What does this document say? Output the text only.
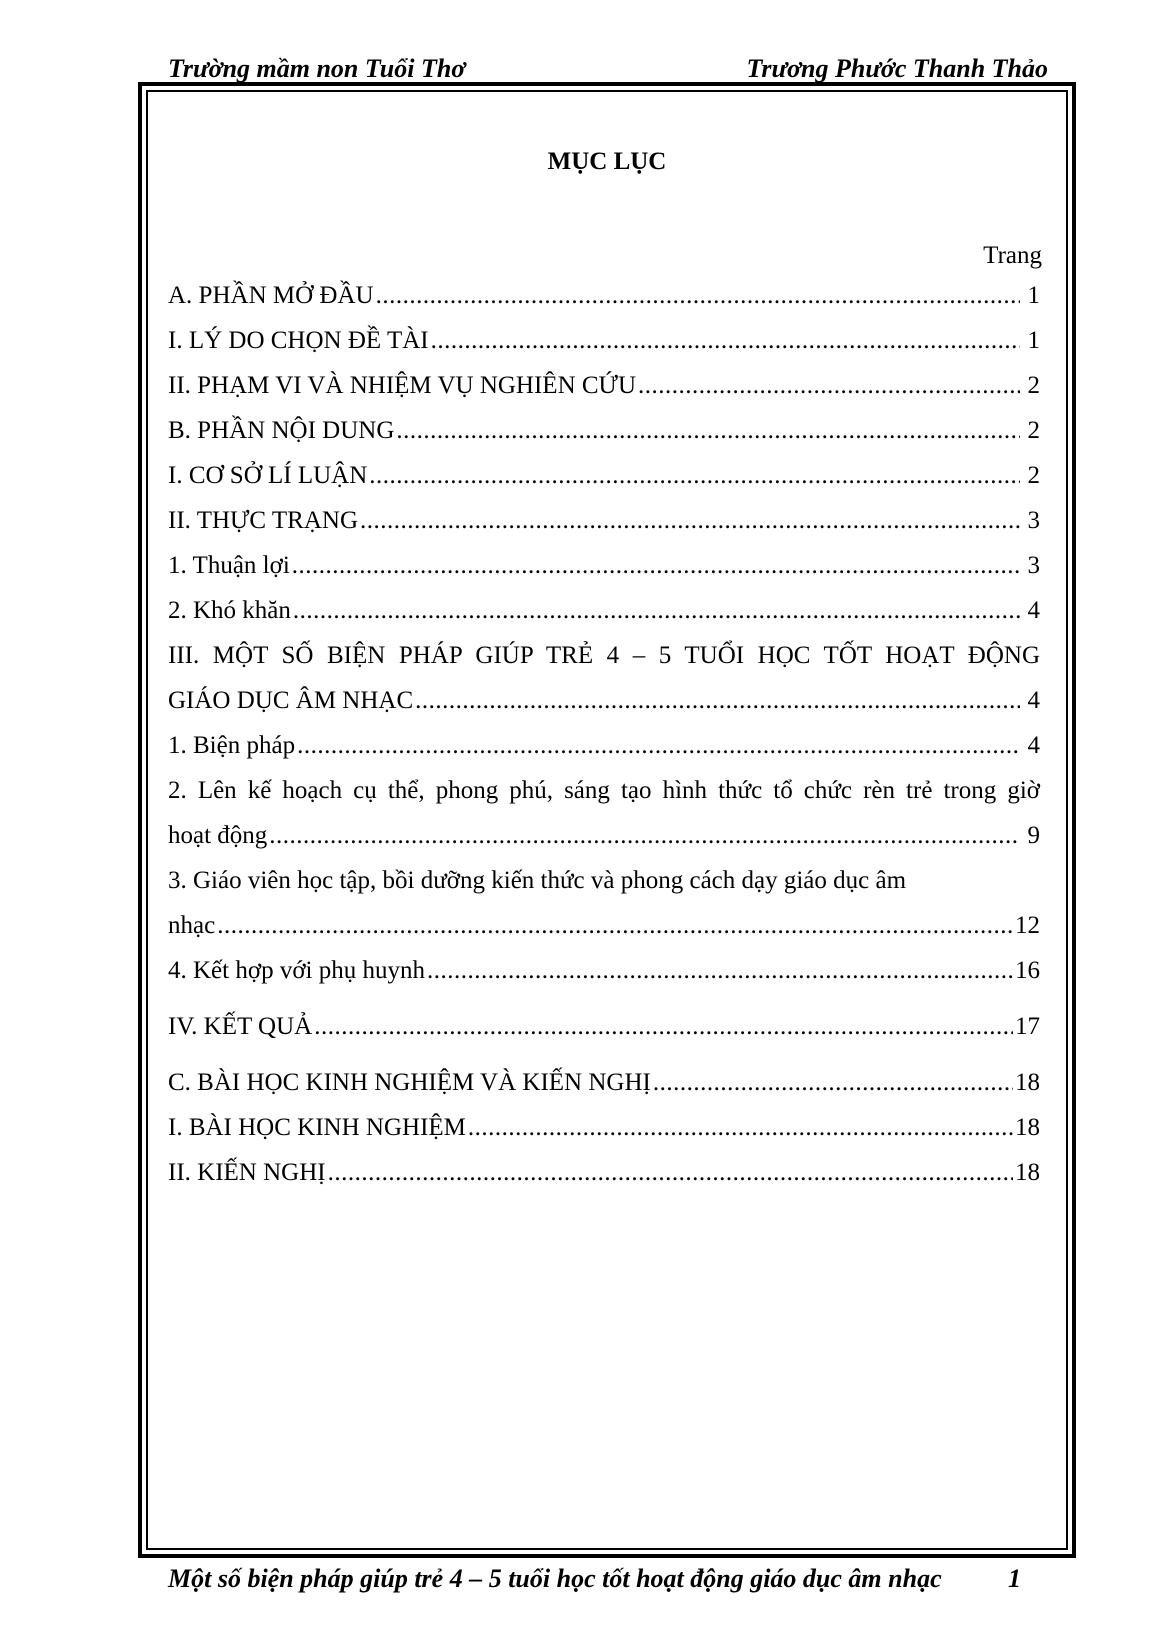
Trường mầm non Tuổi Thơ	Trương Phước Thanh Thảo
MỤC LỤC
Trang
A. PHẦN MỞ ĐẦU .....	1
I. LÝ DO CHỌN ĐỀ TÀI .....	1
II. PHẠM VI VÀ NHIỆM VỤ NGHIÊN CỨU .....	2
B. PHẦN NỘI DUNG .....	2
I. CƠ SỞ LÍ LUẬN .....	2
II. THỰC TRẠNG .....	3
1. Thuận lợi .....	3
2. Khó khăn .....	4
III. MỘT SỐ BIỆN PHÁP GIÚP TRẺ 4 – 5 TUỔI HỌC TỐT HOẠT ĐỘNG
GIÁO DỤC ÂM NHẠC .....	4
1. Biện pháp .....	4
2. Lên kế hoạch cụ thể, phong phú, sáng tạo hình thức tổ chức rèn trẻ trong giờ
hoạt động .....	9
3. Giáo viên học tập, bồi dưỡng kiến thức và phong cách dạy giáo dục âm
nhạc .....	12
4. Kết hợp với phụ huynh .....	16
IV. KẾT QUẢ .....	17
C. BÀI HỌC KINH NGHIỆM VÀ KIẾN NGHỊ .....	18
I. BÀI HỌC KINH NGHIỆM .....	18
II. KIẾN NGHỊ .....	18
Một số biện pháp giúp trẻ 4 – 5 tuổi học tốt hoạt động giáo dục âm nhạc	1
